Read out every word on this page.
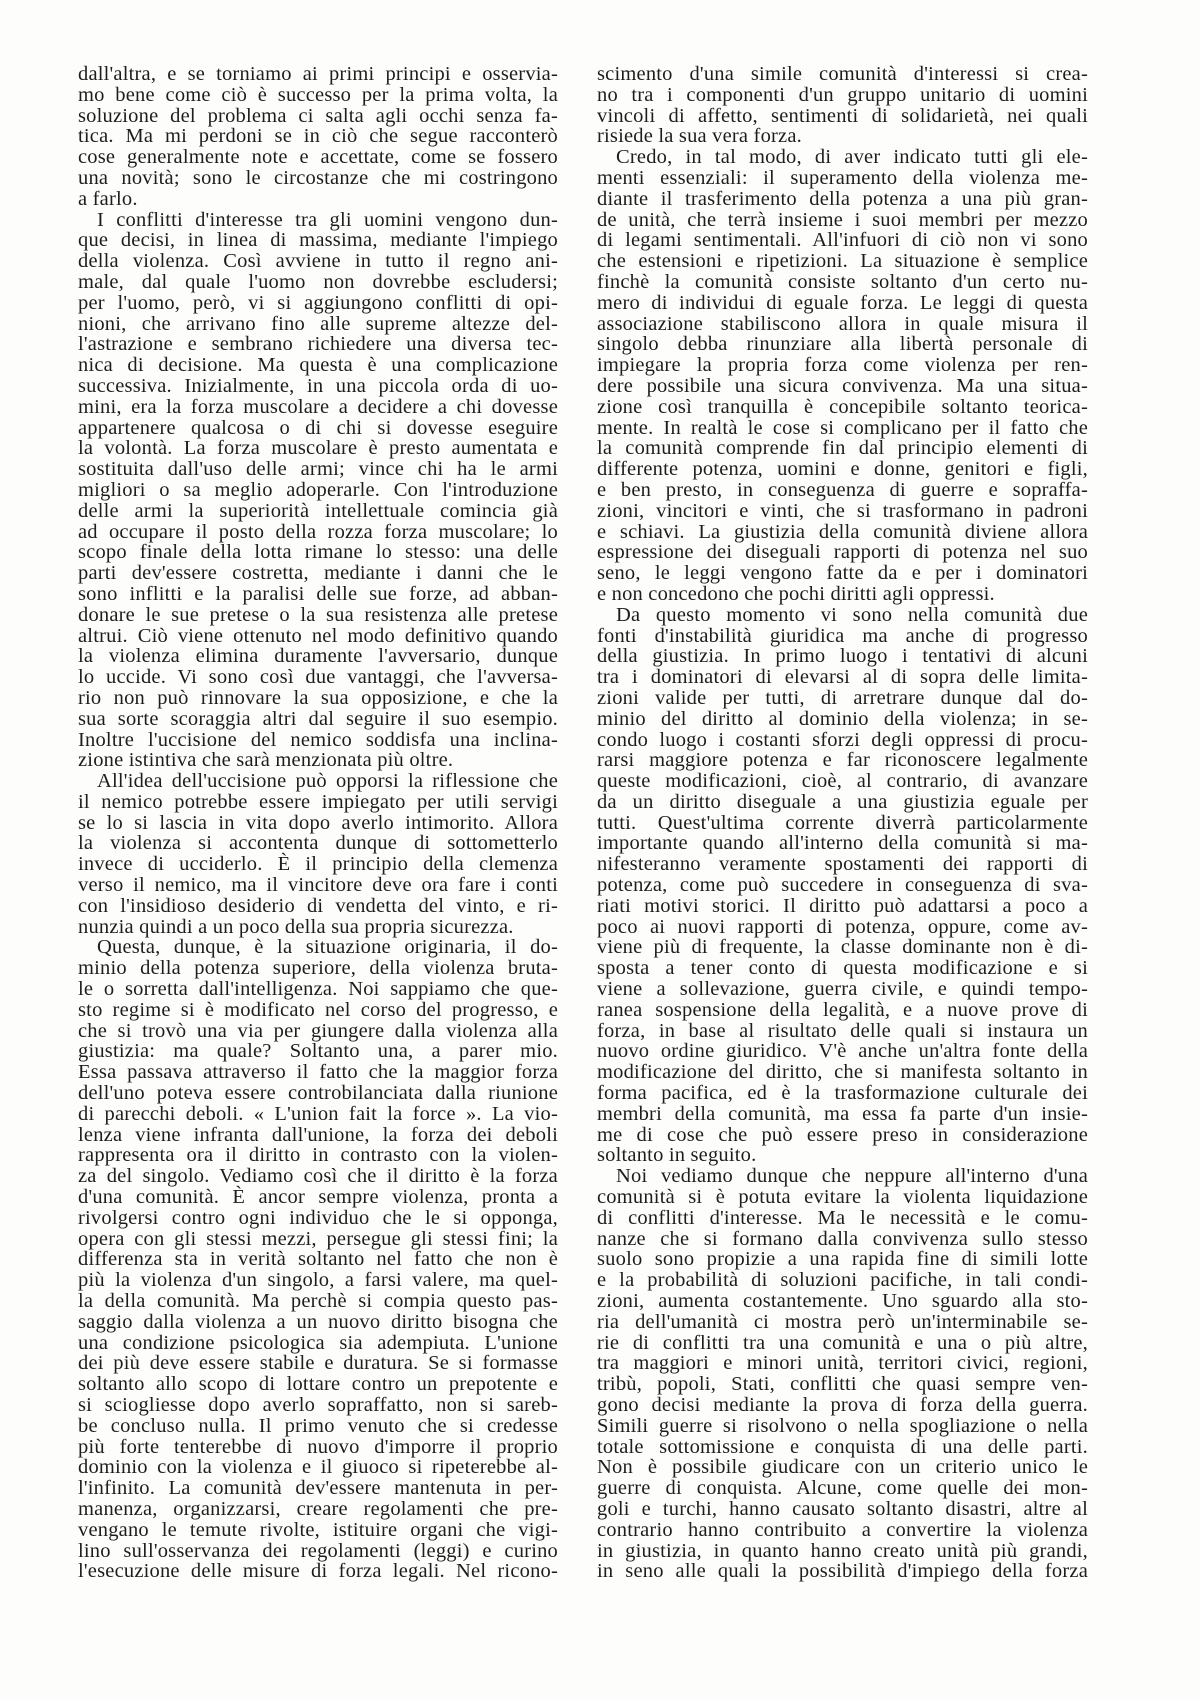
dall'altra, e se torniamo ai primi principi e osservia-
mo bene come ciò è successo per la prima volta, la
soluzione del problema ci salta agli occhi senza fa-
tica. Ma mi perdoni se in ciò che segue racconterò
cose generalmente note e accettate, come se fossero
una novità; sono le circostanze che mi costringono
a farlo.
I conflitti d'interesse tra gli uomini vengono dun-
que decisi, in linea di massima, mediante l'impiego
della violenza. Così avviene in tutto il regno ani-
male, dal quale l'uomo non dovrebbe escludersi;
per l'uomo, però, vi si aggiungono conflitti di opi-
nioni, che arrivano fino alle supreme altezze del-
l'astrazione e sembrano richiedere una diversa tec-
nica di decisione. Ma questa è una complicazione
successiva. Inizialmente, in una piccola orda di uo-
mini, era la forza muscolare a decidere a chi dovesse
appartenere qualcosa o di chi si dovesse eseguire
la volontà. La forza muscolare è presto aumentata e
sostituita dall'uso delle armi; vince chi ha le armi
migliori o sa meglio adoperarle. Con l'introduzione
delle armi la superiorità intellettuale comincia già
ad occupare il posto della rozza forza muscolare; lo
scopo finale della lotta rimane lo stesso: una delle
parti dev'essere costretta, mediante i danni che le
sono inflitti e la paralisi delle sue forze, ad abban-
donare le sue pretese o la sua resistenza alle pretese
altrui. Ciò viene ottenuto nel modo definitivo quando
la violenza elimina duramente l'avversario, dunque
lo uccide. Vi sono così due vantaggi, che l'avversa-
rio non può rinnovare la sua opposizione, e che la
sua sorte scoraggia altri dal seguire il suo esempio.
Inoltre l'uccisione del nemico soddisfa una inclina-
zione istintiva che sarà menzionata più oltre.
All'idea dell'uccisione può opporsi la riflessione che
il nemico potrebbe essere impiegato per utili servigi
se lo si lascia in vita dopo averlo intimorito. Allora
la violenza si accontenta dunque di sottometterlo
invece di ucciderlo. È il principio della clemenza
verso il nemico, ma il vincitore deve ora fare i conti
con l'insidioso desiderio di vendetta del vinto, e ri-
nunzia quindi a un poco della sua propria sicurezza.
Questa, dunque, è la situazione originaria, il do-
minio della potenza superiore, della violenza bruta-
le o sorretta dall'intelligenza. Noi sappiamo che que-
sto regime si è modificato nel corso del progresso, e
che si trovò una via per giungere dalla violenza alla
giustizia: ma quale? Soltanto una, a parer mio.
Essa passava attraverso il fatto che la maggior forza
dell'uno poteva essere controbilanciata dalla riunione
di parecchi deboli. « L'union fait la force ». La vio-
lenza viene infranta dall'unione, la forza dei deboli
rappresenta ora il diritto in contrasto con la violen-
za del singolo. Vediamo così che il diritto è la forza
d'una comunità. È ancor sempre violenza, pronta a
rivolgersi contro ogni individuo che le si opponga,
opera con gli stessi mezzi, persegue gli stessi fini; la
differenza sta in verità soltanto nel fatto che non è
più la violenza d'un singolo, a farsi valere, ma quel-
la della comunità. Ma perchè si compia questo pas-
saggio dalla violenza a un nuovo diritto bisogna che
una condizione psicologica sia adempiuta. L'unione
dei più deve essere stabile e duratura. Se si formasse
soltanto allo scopo di lottare contro un prepotente e
si sciogliesse dopo averlo sopraffatto, non si sareb-
be concluso nulla. Il primo venuto che si credesse
più forte tenterebbe di nuovo d'imporre il proprio
dominio con la violenza e il giuoco si ripeterebbe al-
l'infinito. La comunità dev'essere mantenuta in per-
manenza, organizzarsi, creare regolamenti che pre-
vengano le temute rivolte, istituire organi che vigi-
lino sull'osservanza dei regolamenti (leggi) e curino
l'esecuzione delle misure di forza legali. Nel ricono-
scimento d'una simile comunità d'interessi si crea-
no tra i componenti d'un gruppo unitario di uomini
vincoli di affetto, sentimenti di solidarietà, nei quali
risiede la sua vera forza.
Credo, in tal modo, di aver indicato tutti gli ele-
menti essenziali: il superamento della violenza me-
diante il trasferimento della potenza a una più gran-
de unità, che terrà insieme i suoi membri per mezzo
di legami sentimentali. All'infuori di ciò non vi sono
che estensioni e ripetizioni. La situazione è semplice
finchè la comunità consiste soltanto d'un certo nu-
mero di individui di eguale forza. Le leggi di questa
associazione stabiliscono allora in quale misura il
singolo debba rinunziare alla libertà personale di
impiegare la propria forza come violenza per ren-
dere possibile una sicura convivenza. Ma una situa-
zione così tranquilla è concepibile soltanto teorica-
mente. In realtà le cose si complicano per il fatto che
la comunità comprende fin dal principio elementi di
differente potenza, uomini e donne, genitori e figli,
e ben presto, in conseguenza di guerre e sopraffa-
zioni, vincitori e vinti, che si trasformano in padroni
e schiavi. La giustizia della comunità diviene allora
espressione dei diseguali rapporti di potenza nel suo
seno, le leggi vengono fatte da e per i dominatori
e non concedono che pochi diritti agli oppressi.
Da questo momento vi sono nella comunità due
fonti d'instabilità giuridica ma anche di progresso
della giustizia. In primo luogo i tentativi di alcuni
tra i dominatori di elevarsi al di sopra delle limita-
zioni valide per tutti, di arretrare dunque dal do-
minio del diritto al dominio della violenza; in se-
condo luogo i costanti sforzi degli oppressi di procu-
rarsi maggiore potenza e far riconoscere legalmente
queste modificazioni, cioè, al contrario, di avanzare
da un diritto diseguale a una giustizia eguale per
tutti. Quest'ultima corrente diverrà particolarmente
importante quando all'interno della comunità si ma-
nifesteranno veramente spostamenti dei rapporti di
potenza, come può succedere in conseguenza di sva-
riati motivi storici. Il diritto può adattarsi a poco a
poco ai nuovi rapporti di potenza, oppure, come av-
viene più di frequente, la classe dominante non è di-
sposta a tener conto di questa modificazione e si
viene a sollevazione, guerra civile, e quindi tempo-
ranea sospensione della legalità, e a nuove prove di
forza, in base al risultato delle quali si instaura un
nuovo ordine giuridico. V'è anche un'altra fonte della
modificazione del diritto, che si manifesta soltanto in
forma pacifica, ed è la trasformazione culturale dei
membri della comunità, ma essa fa parte d'un insie-
me di cose che può essere preso in considerazione
soltanto in seguito.
Noi vediamo dunque che neppure all'interno d'una
comunità si è potuta evitare la violenta liquidazione
di conflitti d'interesse. Ma le necessità e le comu-
nanze che si formano dalla convivenza sullo stesso
suolo sono propizie a una rapida fine di simili lotte
e la probabilità di soluzioni pacifiche, in tali condi-
zioni, aumenta costantemente. Uno sguardo alla sto-
ria dell'umanità ci mostra però un'interminabile se-
rie di conflitti tra una comunità e una o più altre,
tra maggiori e minori unità, territori civici, regioni,
tribù, popoli, Stati, conflitti che quasi sempre ven-
gono decisi mediante la prova di forza della guerra.
Simili guerre si risolvono o nella spogliazione o nella
totale sottomissione e conquista di una delle parti.
Non è possibile giudicare con un criterio unico le
guerre di conquista. Alcune, come quelle dei mon-
goli e turchi, hanno causato soltanto disastri, altre al
contrario hanno contribuito a convertire la violenza
in giustizia, in quanto hanno creato unità più grandi,
in seno alle quali la possibilità d'impiego della forza
